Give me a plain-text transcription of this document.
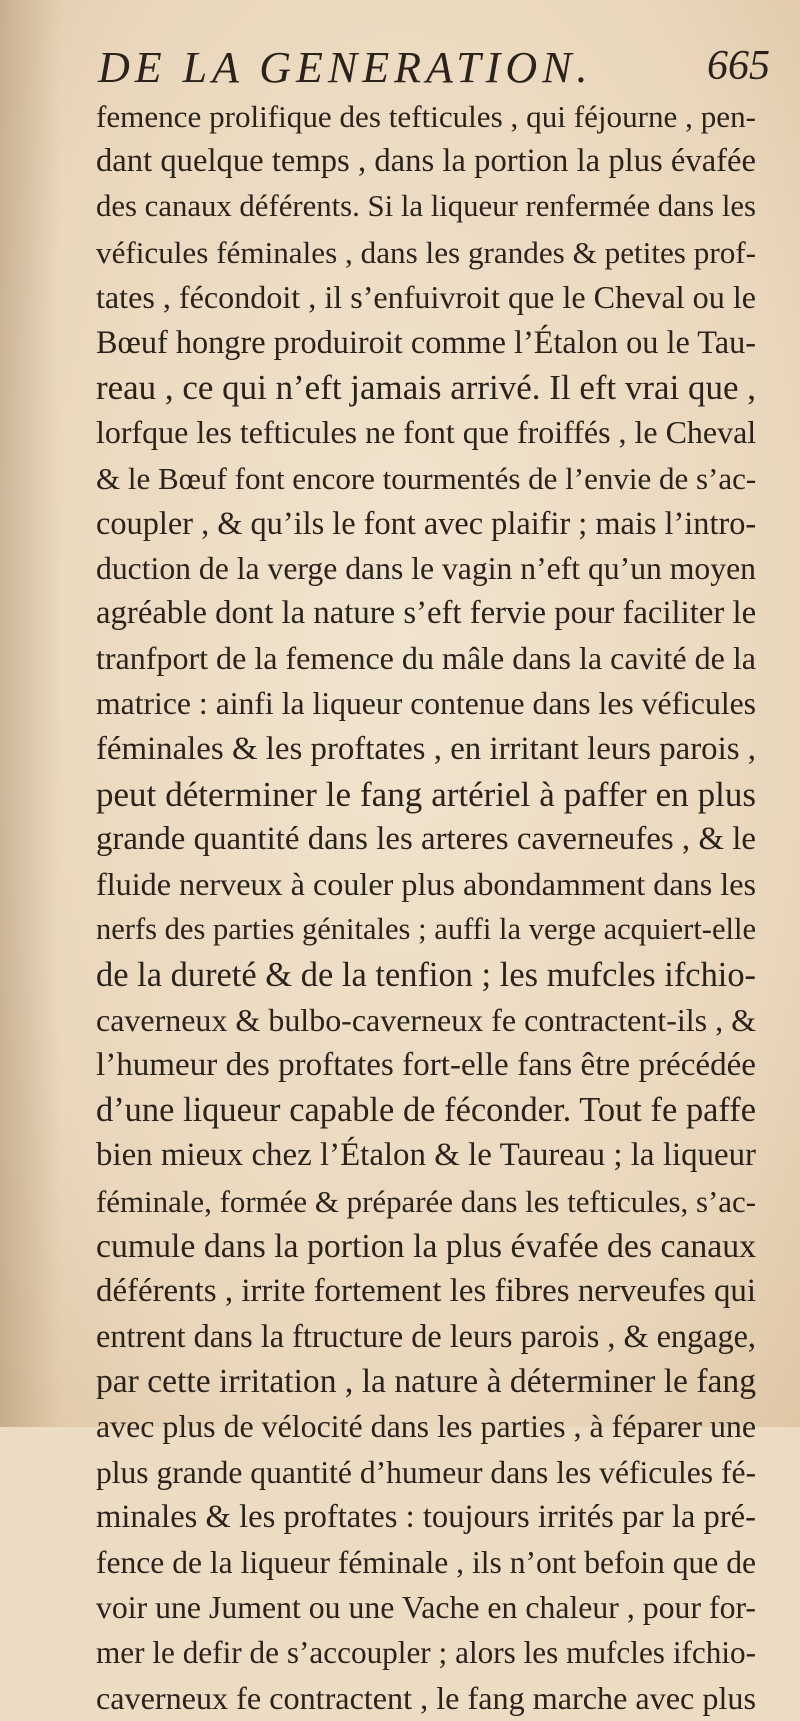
DE LA GENERATION.	665
femence prolifique des tefticules , qui féjourne , pen-
dant quelque temps , dans la portion la plus évafée
des canaux déférents. Si la liqueur renfermée dans les
véficules féminales , dans les grandes & petites prof-
tates , fécondoit , il s’enfuivroit que le Cheval ou le
Bœuf hongre produiroit comme l’Étalon ou le Tau-
reau , ce qui n’eft jamais arrivé. Il eft vrai que ,
lorfque les tefticules ne font que froiffés , le Cheval
& le Bœuf font encore tourmentés de l’envie de s’ac-
coupler , & qu’ils le font avec plaifir ; mais l’intro-
duction de la verge dans le vagin n’eft qu’un moyen
agréable dont la nature s’eft fervie pour faciliter le
tranfport de la femence du mâle dans la cavité de la
matrice : ainfi la liqueur contenue dans les véficules
féminales & les proftates , en irritant leurs parois ,
peut déterminer le fang artériel à paffer en plus
grande quantité dans les arteres caverneufes , & le
fluide nerveux à couler plus abondamment dans les
nerfs des parties génitales ; auffi la verge acquiert-elle
de la dureté & de la tenfion ; les mufcles ifchio-
caverneux & bulbo-caverneux fe contractent-ils , &
l’humeur des proftates fort-elle fans être précédée
d’une liqueur capable de féconder. Tout fe paffe
bien mieux chez l’Étalon & le Taureau ; la liqueur
féminale, formée & préparée dans les tefticules, s’ac-
cumule dans la portion la plus évafée des canaux
déférents , irrite fortement les fibres nerveufes qui
entrent dans la ftructure de leurs parois , & engage,
par cette irritation , la nature à déterminer le fang
avec plus de vélocité dans les parties , à féparer une
plus grande quantité d’humeur dans les véficules fé-
minales & les proftates : toujours irrités par la pré-
fence de la liqueur féminale , ils n’ont befoin que de
voir une Jument ou une Vache en chaleur , pour for-
mer le defir de s’accoupler ; alors les mufcles ifchio-
caverneux fe contractent , le fang marche avec plus
